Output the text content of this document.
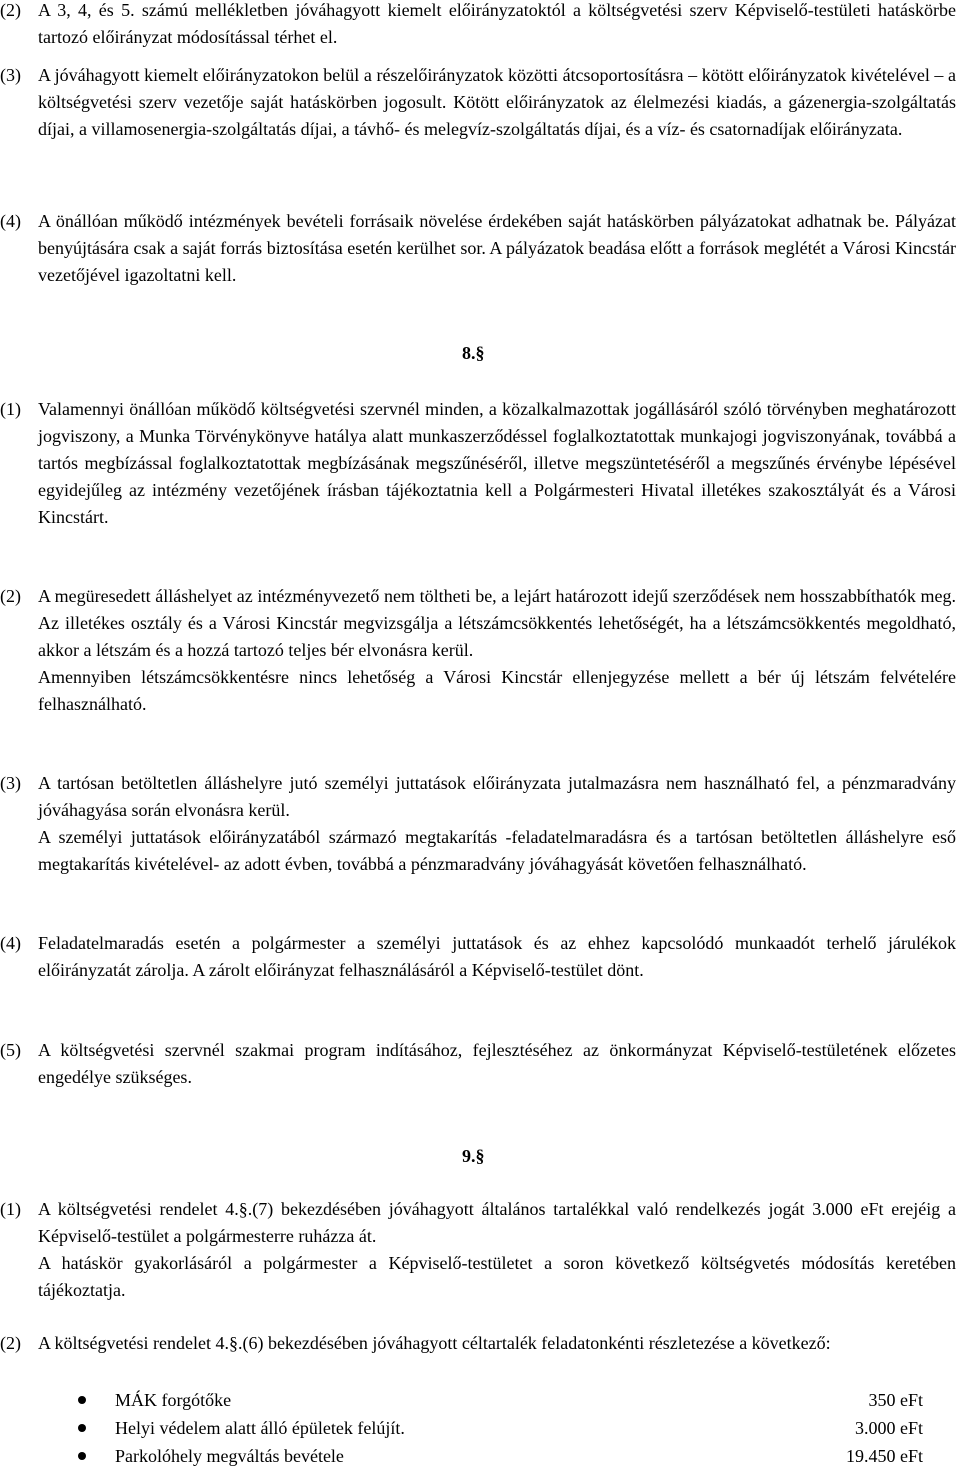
(2) A 3, 4, és 5. számú mellékletben jóváhagyott kiemelt előirányzatoktól a költségvetési szerv Képviselő-testületi hatáskörbe tartozó előirányzat módosítással térhet el.
(3) A jóváhagyott kiemelt előirányzatokon belül a részelőirányzatok közötti átcsoportosításra – kötött előirányzatok kivételével – a költségvetési szerv vezetője saját hatáskörben jogosult. Kötött előirányzatok az élelmezési kiadás, a gázenergia-szolgáltatás díjai, a villamosenergia-szolgáltatás díjai, a távhő- és melegvíz-szolgáltatás díjai, és a víz- és csatornadíjak előirányzata.
(4) A önállóan működő intézmények bevételi forrásaik növelése érdekében saját hatáskörben pályázatokat adhatnak be. Pályázat benyújtására csak a saját forrás biztosítása esetén kerülhet sor. A pályázatok beadása előtt a források meglétét a Városi Kincstár vezetőjével igazoltatni kell.
8.§
(1) Valamennyi önállóan működő költségvetési szervnél minden, a közalkalmazottak jogállásáról szóló törvényben meghatározott jogviszony, a Munka Törvénykönyve hatálya alatt munkaszerződéssel foglalkoztatottak munkajogi jogviszonyának, továbbá a tartós megbízással foglalkoztatottak megbízásának megszűnéséről, illetve megszüntetéséről a megszűnés érvénybe lépésével egyidejűleg az intézmény vezetőjének írásban tájékoztatnia kell a Polgármesteri Hivatal illetékes szakosztályát és a Városi Kincstárt.
(2) A megüresedett álláshelyet az intézményvezető nem töltheti be, a lejárt határozott idejű szerződések nem hosszabbíthatók meg. Az illetékes osztály és a Városi Kincstár megvizsgálja a létszámcsökkentés lehetőségét, ha a létszámcsökkentés megoldható, akkor a létszám és a hozzá tartozó teljes bér elvonásra kerül.
Amennyiben létszámcsökkentésre nincs lehetőség a Városi Kincstár ellenjegyzése mellett a bér új létszám felvételére felhasználható.
(3) A tartósan betöltetlen álláshelyre jutó személyi juttatások előirányzata jutalmazásra nem használható fel, a pénzmaradvány jóváhagyása során elvonásra kerül.
A személyi juttatások előirányzatából származó megtakarítás -feladatelmaradásra és a tartósan betöltetlen álláshelyre eső megtakarítás kivételével- az adott évben, továbbá a pénzmaradvány jóváhagyását követően felhasználható.
(4) Feladatelmaradás esetén a polgármester a személyi juttatások és az ehhez kapcsolódó munkaadót terhelő járulékok előirányzatát zárolja. A zárolt előirányzat felhasználásáról a Képviselő-testület dönt.
(5) A költségvetési szervnél szakmai program indításához, fejlesztéséhez az önkormányzat Képviselő-testületének előzetes engedélye szükséges.
9.§
(1) A költségvetési rendelet 4.§.(7) bekezdésében jóváhagyott általános tartalékkal való rendelkezés jogát 3.000 eFt erejéig a Képviselő-testület a polgármesterre ruházza át.
A hatáskör gyakorlásáról a polgármester a Képviselő-testületet a soron következő költségvetés módosítás keretében tájékoztatja.
(2) A költségvetési rendelet 4.§.(6) bekezdésében jóváhagyott céltartalék feladatonkénti részletezése a következő:
MÁK forgótőke	350 eFt
Helyi védelem alatt álló épületek felújít.	3.000 eFt
Parkolóhely megváltás bevétele	19.450 eFt
